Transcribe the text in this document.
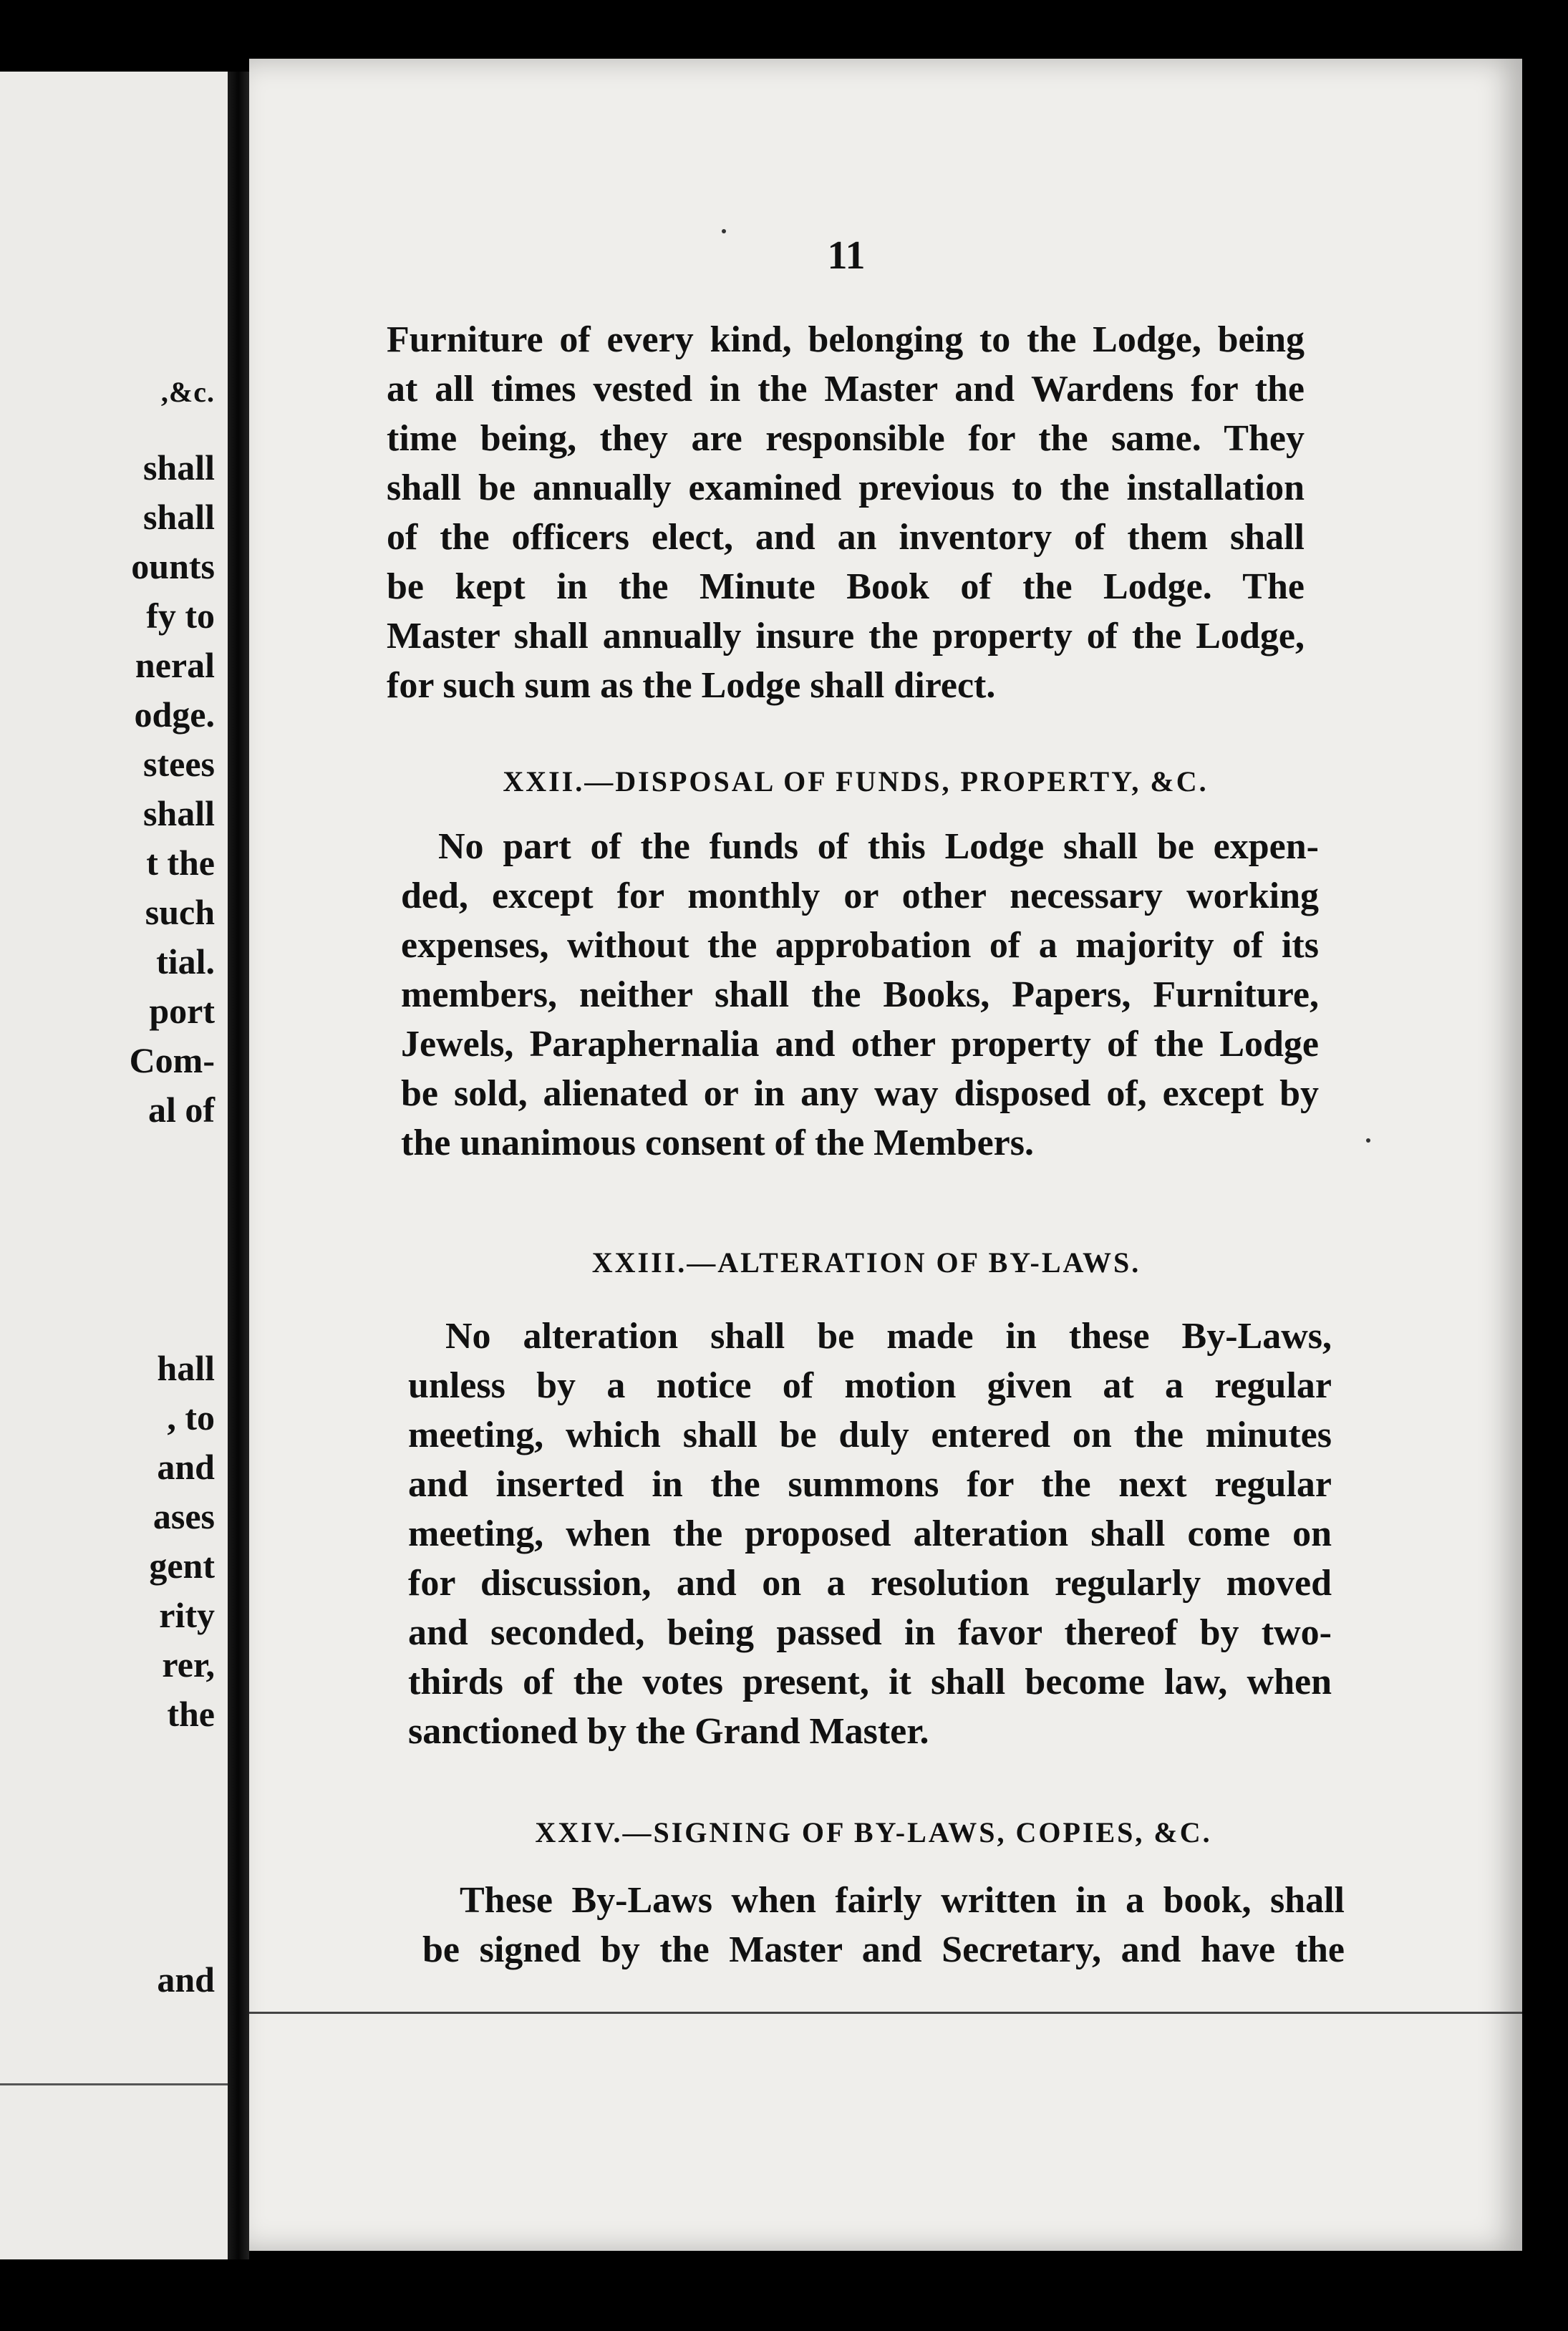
,&c.
shall
shall
ounts
fy to
neral
odge.
stees
shall
t the
such
tial.
port
Com-
al of
hall
, to
and
ases
gent
rity
rer,
the
and
11
Furniture of every kind, belonging to the Lodge, being
at all times vested in the Master and Wardens for the
time being, they are responsible for the same. They
shall be annually examined previous to the installation
of the officers elect, and an inventory of them shall
be kept in the Minute Book of the Lodge. The
Master shall annually insure the property of the Lodge,
for such sum as the Lodge shall direct.
XXII.—DISPOSAL OF FUNDS, PROPERTY, &C.
No part of the funds of this Lodge shall be expen-
ded, except for monthly or other necessary working
expenses, without the approbation of a majority of its
members, neither shall the Books, Papers, Furniture,
Jewels, Paraphernalia and other property of the Lodge
be sold, alienated or in any way disposed of, except by
the unanimous consent of the Members.
XXIII.—ALTERATION OF BY-LAWS.
No alteration shall be made in these By-Laws,
unless by a notice of motion given at a regular
meeting, which shall be duly entered on the minutes
and inserted in the summons for the next regular
meeting, when the proposed alteration shall come on
for discussion, and on a resolution regularly moved
and seconded, being passed in favor thereof by two-
thirds of the votes present, it shall become law, when
sanctioned by the Grand Master.
XXIV.—SIGNING OF BY-LAWS, COPIES, &C.
These By-Laws when fairly written in a book, shall
be signed by the Master and Secretary, and have the
